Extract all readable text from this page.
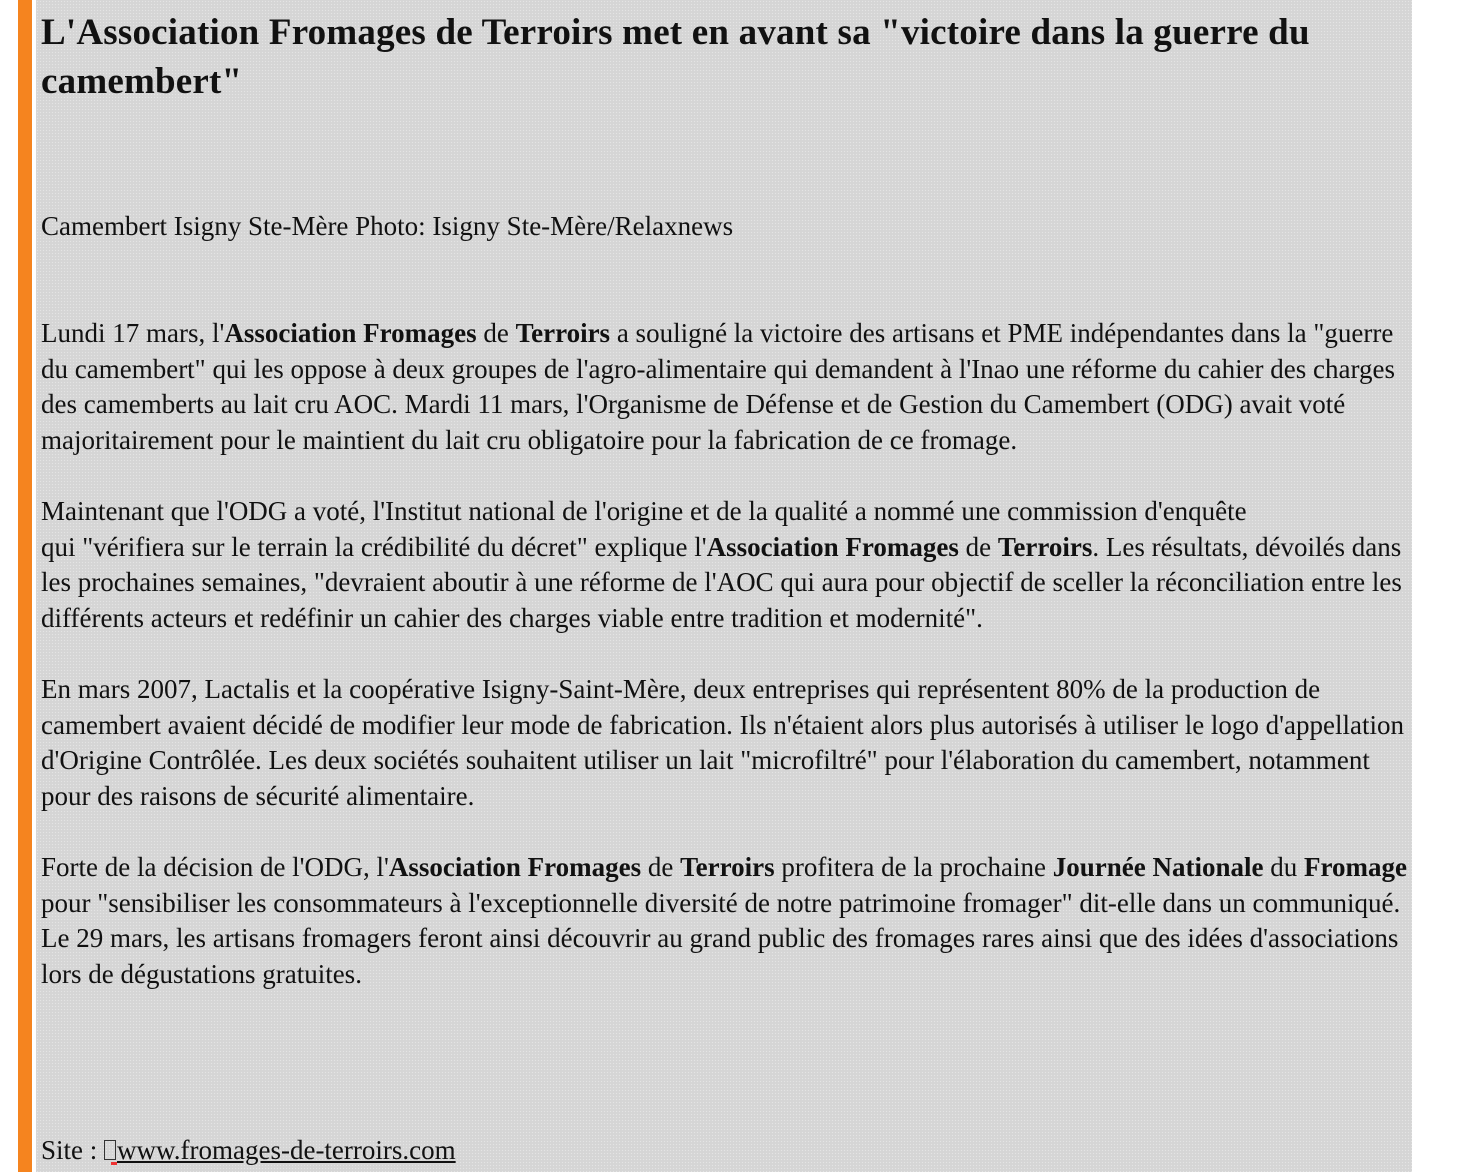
L'Association Fromages de Terroirs met en avant sa "victoire dans la guerre du camembert"

Camembert Isigny Ste-Mère Photo: Isigny Ste-Mère/Relaxnews

Lundi 17 mars, l'Association Fromages de Terroirs a souligné la victoire des artisans et PME indépendantes dans la "guerre du camembert" qui les oppose à deux groupes de l'agro-alimentaire qui demandent à l'Inao une réforme du cahier des charges des camemberts au lait cru AOC. Mardi 11 mars, l'Organisme de Défense et de Gestion du Camembert (ODG) avait voté majoritairement pour le maintient du lait cru obligatoire pour la fabrication de ce fromage.

Maintenant que l'ODG a voté, l'Institut national de l'origine et de la qualité a nommé une commission d'enquête
qui "vérifiera sur le terrain la crédibilité du décret" explique l'Association Fromages de Terroirs. Les résultats, dévoilés dans les prochaines semaines, "devraient aboutir à une réforme de l'AOC qui aura pour objectif de sceller la réconciliation entre les différents acteurs et redéfinir un cahier des charges viable entre tradition et modernité".

En mars 2007, Lactalis et la coopérative Isigny-Saint-Mère, deux entreprises qui représentent 80% de la production de camembert avaient décidé de modifier leur mode de fabrication. Ils n'étaient alors plus autorisés à utiliser le logo d'appellation d'Origine Contrôlée. Les deux sociétés souhaitent utiliser un lait "microfiltré" pour l'élaboration du camembert, notamment pour des raisons de sécurité alimentaire.

Forte de la décision de l'ODG, l'Association Fromages de Terroirs profitera de la prochaine Journée Nationale du Fromage pour "sensibiliser les consommateurs à l'exceptionnelle diversité de notre patrimoine fromager" dit-elle dans un communiqué. Le 29 mars, les artisans fromagers feront ainsi découvrir au grand public des fromages rares ainsi que des idées d'associations lors de dégustations gratuites.

Site : www.fromages-de-terroirs.com
